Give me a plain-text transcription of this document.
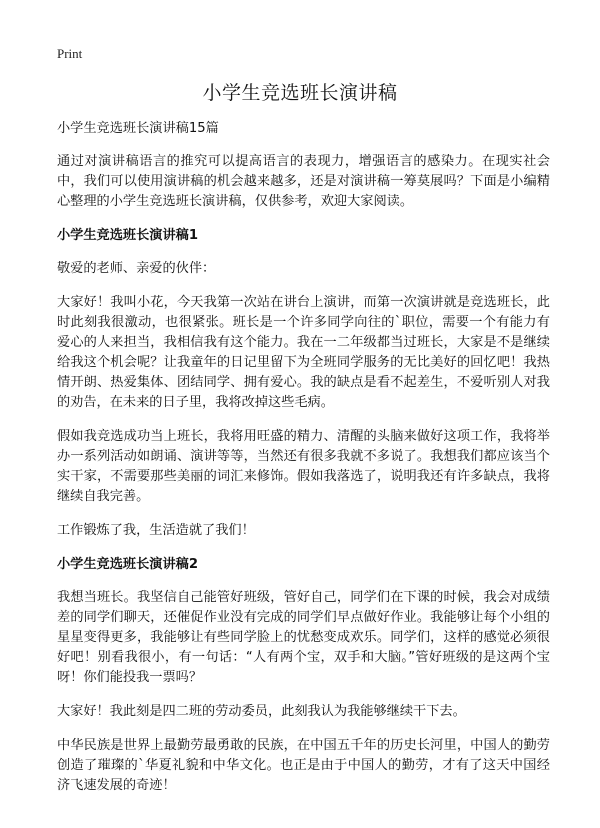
Print
小学生竞选班长演讲稿

小学生竞选班长演讲稿15篇

通过对演讲稿语言的推究可以提高语言的表现力，增强语言的感染力。在现实社会中，我们可以使用演讲稿的机会越来越多，还是对演讲稿一筹莫展吗？下面是小编精心整理的小学生竞选班长演讲稿，仅供参考，欢迎大家阅读。

小学生竞选班长演讲稿1

敬爱的老师、亲爱的伙伴：

大家好！我叫小花，今天我第一次站在讲台上演讲，而第一次演讲就是竞选班长，此时此刻我很激动，也很紧张。班长是一个许多同学向往的`职位，需要一个有能力有爱心的人来担当，我相信我有这个能力。我在一二年级都当过班长，大家是不是继续给我这个机会呢？让我童年的日记里留下为全班同学服务的无比美好的回忆吧！我热情开朗、热爱集体、团结同学、拥有爱心。我的缺点是看不起差生，不爱听别人对我的劝告，在未来的日子里，我将改掉这些毛病。

假如我竞选成功当上班长，我将用旺盛的精力、清醒的头脑来做好这项工作，我将举办一系列活动如朗诵、演讲等等，当然还有很多我就不多说了。我想我们都应该当个实干家，不需要那些美丽的词汇来修饰。假如我落选了，说明我还有许多缺点，我将继续自我完善。

工作锻炼了我，生活造就了我们！

小学生竞选班长演讲稿2

我想当班长。我坚信自己能管好班级，管好自己，同学们在下课的时候，我会对成绩差的同学们聊天，还催促作业没有完成的同学们早点做好作业。我能够让每个小组的星星变得更多，我能够让有些同学脸上的忧愁变成欢乐。同学们，这样的感觉必须很好吧！别看我很小，有一句话：“人有两个宝，双手和大脑。”管好班级的是这两个宝呀！你们能投我一票吗？

大家好！我此刻是四二班的劳动委员，此刻我认为我能够继续干下去。

中华民族是世界上最勤劳最勇敢的民族，在中国五千年的历史长河里，中国人的勤劳创造了璀璨的`华夏礼貌和中华文化。也正是由于中国人的勤劳，才有了这天中国经济飞速发展的奇迹！
